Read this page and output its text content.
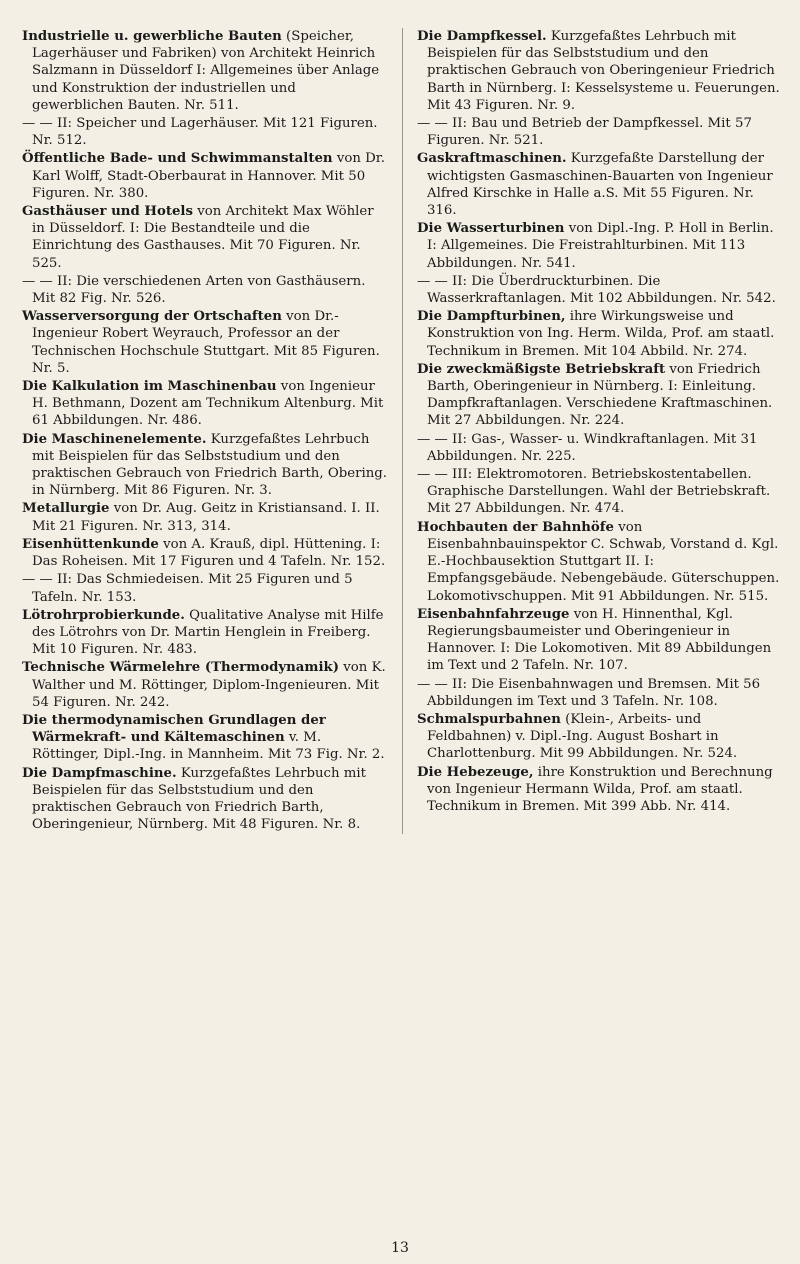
Industrielle u. gewerbliche Bauten (Speicher, Lagerhäuser und Fabriken) von Architekt Heinrich Salzmann in Düsseldorf I: Allgemeines über Anlage und Konstruktion der industriellen und gewerblichen Bauten. Nr. 511.
— — II: Speicher und Lagerhäuser. Mit 121 Figuren. Nr. 512.
Öffentliche Bade- und Schwimmanstalten von Dr. Karl Wolff, Stadt-Oberbaurat in Hannover. Mit 50 Figuren. Nr. 380.
Gasthäuser und Hotels von Architekt Max Wöhler in Düsseldorf. I: Die Bestandteile und die Einrichtung des Gasthauses. Mit 70 Figuren. Nr. 525.
— — II: Die verschiedenen Arten von Gasthäusern. Mit 82 Fig. Nr. 526.
Wasserversorgung der Ortschaften von Dr.-Ingenieur Robert Weyrauch, Professor an der Technischen Hochschule Stuttgart. Mit 85 Figuren. Nr. 5.
Die Kalkulation im Maschinenbau von Ingenieur H. Bethmann, Dozent am Technikum Altenburg. Mit 61 Abbildungen. Nr. 486.
Die Maschinenelemente. Kurzgefaßtes Lehrbuch mit Beispielen für das Selbststudium und den praktischen Gebrauch von Friedrich Barth, Obering. in Nürnberg. Mit 86 Figuren. Nr. 3.
Metallurgie von Dr. Aug. Geitz in Kristiansand. I. II. Mit 21 Figuren. Nr. 313, 314.
Eisenhüttenkunde von A. Krauß, dipl. Hüttening. I: Das Roheisen. Mit 17 Figuren und 4 Tafeln. Nr. 152.
— — II: Das Schmiedeisen. Mit 25 Figuren und 5 Tafeln. Nr. 153.
Lötrohrprobierkunde. Qualitative Analyse mit Hilfe des Lötrohrs von Dr. Martin Henglein in Freiberg. Mit 10 Figuren. Nr. 483.
Technische Wärmelehre (Thermodynamik) von K. Walther und M. Röttinger, Diplom-Ingenieuren. Mit 54 Figuren. Nr. 242.
Die thermodynamischen Grundlagen der Wärmekraft- und Kältemaschinen v. M. Röttinger, Dipl.-Ing. in Mannheim. Mit 73 Fig. Nr. 2.
Die Dampfmaschine. Kurzgefaßtes Lehrbuch mit Beispielen für das Selbststudium und den praktischen Gebrauch von Friedrich Barth, Oberingenieur, Nürnberg. Mit 48 Figuren. Nr. 8.
Die Dampfkessel. Kurzgefaßtes Lehrbuch mit Beispielen für das Selbststudium und den praktischen Gebrauch von Oberingenieur Friedrich Barth in Nürnberg. I: Kesselsysteme u. Feuerungen. Mit 43 Figuren. Nr. 9.
— — II: Bau und Betrieb der Dampfkessel. Mit 57 Figuren. Nr. 521.
Gaskraftmaschinen. Kurzgefaßte Darstellung der wichtigsten Gasmaschinen-Bauarten von Ingenieur Alfred Kirschke in Halle a.S. Mit 55 Figuren. Nr. 316.
Die Wasserturbinen von Dipl.-Ing. P. Holl in Berlin. I: Allgemeines. Die Freistrahlturbinen. Mit 113 Abbildungen. Nr. 541.
— — II: Die Überdruckturbinen. Die Wasserkraftanlagen. Mit 102 Abbildungen. Nr. 542.
Die Dampfturbinen, ihre Wirkungsweise und Konstruktion von Ing. Herm. Wilda, Prof. am staatl. Technikum in Bremen. Mit 104 Abbild. Nr. 274.
Die zweckmäßigste Betriebskraft von Friedrich Barth, Oberingenieur in Nürnberg. I: Einleitung. Dampfkraftanlagen. Verschiedene Kraftmaschinen. Mit 27 Abbildungen. Nr. 224.
— — II: Gas-, Wasser- u. Windkraftanlagen. Mit 31 Abbildungen. Nr. 225.
— — III: Elektromotoren. Betriebskostentabellen. Graphische Darstellungen. Wahl der Betriebskraft. Mit 27 Abbildungen. Nr. 474.
Hochbauten der Bahnhöfe von Eisenbahnbauinspektor C. Schwab, Vorstand d. Kgl. E.-Hochbausektion Stuttgart II. I: Empfangsgebäude. Nebengebäude. Güterschuppen. Lokomotivschuppen. Mit 91 Abbildungen. Nr. 515.
Eisenbahnfahrzeuge von H. Hinnenthal, Kgl. Regierungsbaumeister und Oberingenieur in Hannover. I: Die Lokomotiven. Mit 89 Abbildungen im Text und 2 Tafeln. Nr. 107.
— — II: Die Eisenbahnwagen und Bremsen. Mit 56 Abbildungen im Text und 3 Tafeln. Nr. 108.
Schmalspurbahnen (Klein-, Arbeits- und Feldbahnen) v. Dipl.-Ing. August Boshart in Charlottenburg. Mit 99 Abbildungen. Nr. 524.
Die Hebezeuge, ihre Konstruktion und Berechnung von Ingenieur Hermann Wilda, Prof. am staatl. Technikum in Bremen. Mit 399 Abb. Nr. 414.
13
